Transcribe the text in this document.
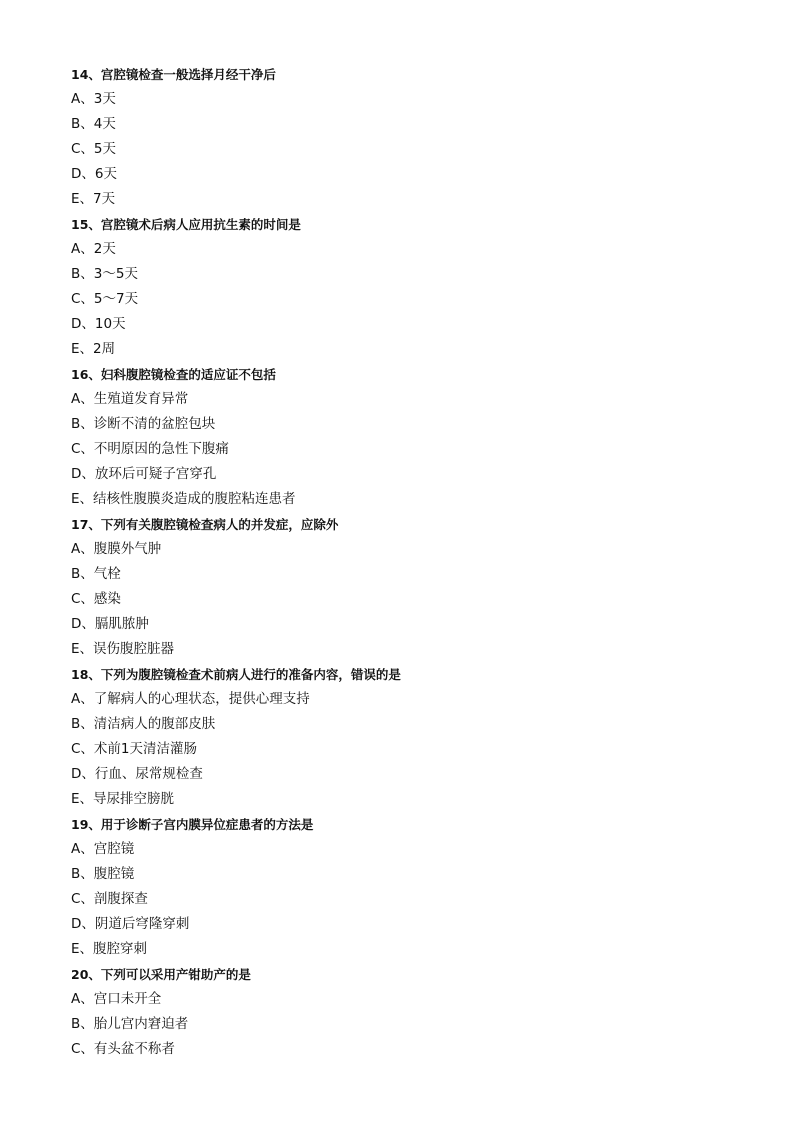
14、宫腔镜检查一般选择月经干净后
A、3天
B、4天
C、5天
D、6天
E、7天
15、宫腔镜术后病人应用抗生素的时间是
A、2天
B、3～5天
C、5～7天
D、10天
E、2周
16、妇科腹腔镜检查的适应证不包括
A、生殖道发育异常
B、诊断不清的盆腔包块
C、不明原因的急性下腹痛
D、放环后可疑子宫穿孔
E、结核性腹膜炎造成的腹腔粘连患者
17、下列有关腹腔镜检查病人的并发症，应除外
A、腹膜外气肿
B、气栓
C、感染
D、膈肌脓肿
E、误伤腹腔脏器
18、下列为腹腔镜检查术前病人进行的准备内容，错误的是
A、了解病人的心理状态，提供心理支持
B、清洁病人的腹部皮肤
C、术前1天清洁灌肠
D、行血、尿常规检查
E、导尿排空膀胱
19、用于诊断子宫内膜异位症患者的方法是
A、宫腔镜
B、腹腔镜
C、剖腹探查
D、阴道后穹隆穿刺
E、腹腔穿刺
20、下列可以采用产钳助产的是
A、宫口未开全
B、胎儿宫内窘迫者
C、有头盆不称者
